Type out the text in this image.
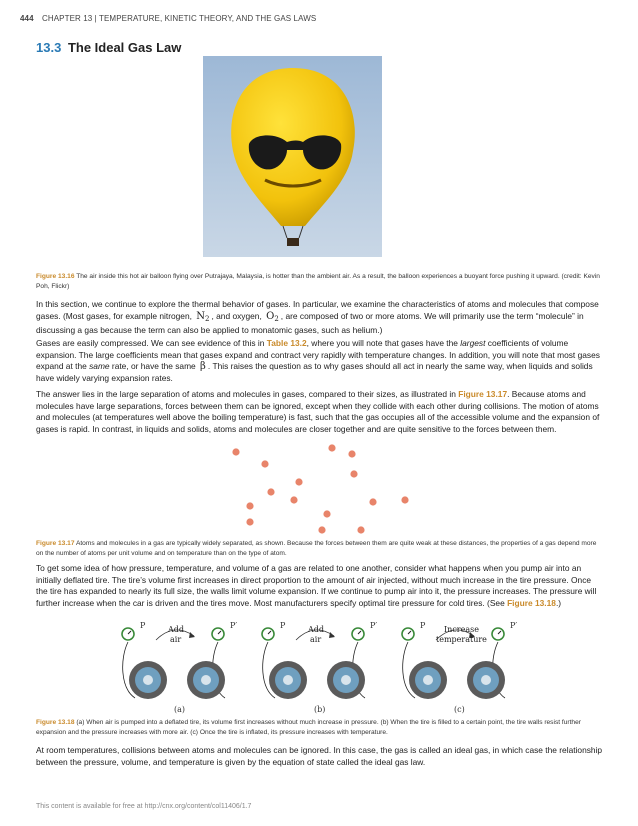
444 CHAPTER 13 | TEMPERATURE, KINETIC THEORY, AND THE GAS LAWS
13.3 The Ideal Gas Law

Figure 13.16 The air inside this hot air balloon flying over Putrajaya, Malaysia, is hotter than the ambient air. As a result, the balloon experiences a buoyant force pushing it upward. (credit: Kevin Poh, Flickr)

In this section, we continue to explore the thermal behavior of gases. In particular, we examine the characteristics of atoms and molecules that compose gases. (Most gases, for example nitrogen, $N_2$ , and oxygen, $O_2$ , are composed of two or more atoms. We will primarily use the term “molecule” in discussing a gas because the term can also be applied to monatomic gases, such as helium.)

Gases are easily compressed. We can see evidence of this in Table 13.2, where you will note that gases have the largest coefficients of volume expansion. The large coefficients mean that gases expand and contract very rapidly with temperature changes. In addition, you will note that most gases expand at the same rate, or have the same β . This raises the question as to why gases should all act in nearly the same way, when liquids and solids have widely varying expansion rates.

The answer lies in the large separation of atoms and molecules in gases, compared to their sizes, as illustrated in Figure 13.17. Because atoms and molecules have large separations, forces between them can be ignored, except when they collide with each other during collisions. The motion of atoms and molecules (at temperatures well above the boiling temperature) is fast, such that the gas occupies all of the accessible volume and the expansion of gases is rapid. In contrast, in liquids and solids, atoms and molecules are closer together and are quite sensitive to the forces between them.

Figure 13.17 Atoms and molecules in a gas are typically widely separated, as shown. Because the forces between them are quite weak at these distances, the properties of a gas depend more on the number of atoms per unit volume and on temperature than on the type of atom.

To get some idea of how pressure, temperature, and volume of a gas are related to one another, consider what happens when you pump air into an initially deflated tire. The tire’s volume first increases in direct proportion to the amount of air injected, without much increase in the tire pressure. Once the tire has expanded to nearly its full size, the walls limit volume expansion. If we continue to pump air into it, the pressure increases. The pressure will further increase when the car is driven and the tires move. Most manufacturers specify optimal tire pressure for cold tires. (See Figure 13.18.)

P	P′
Add
air
(a)
P	P′
Add
air
(b)
P	P′
Increase
temperature
(c)

Figure 13.18 (a) When air is pumped into a deflated tire, its volume first increases without much increase in pressure. (b) When the tire is filled to a certain point, the tire walls resist further expansion and the pressure increases with more air. (c) Once the tire is inflated, its pressure increases with temperature.

At room temperatures, collisions between atoms and molecules can be ignored. In this case, the gas is called an ideal gas, in which case the relationship between the pressure, volume, and temperature is given by the equation of state called the ideal gas law.

This content is available for free at http://cnx.org/content/col11406/1.7
